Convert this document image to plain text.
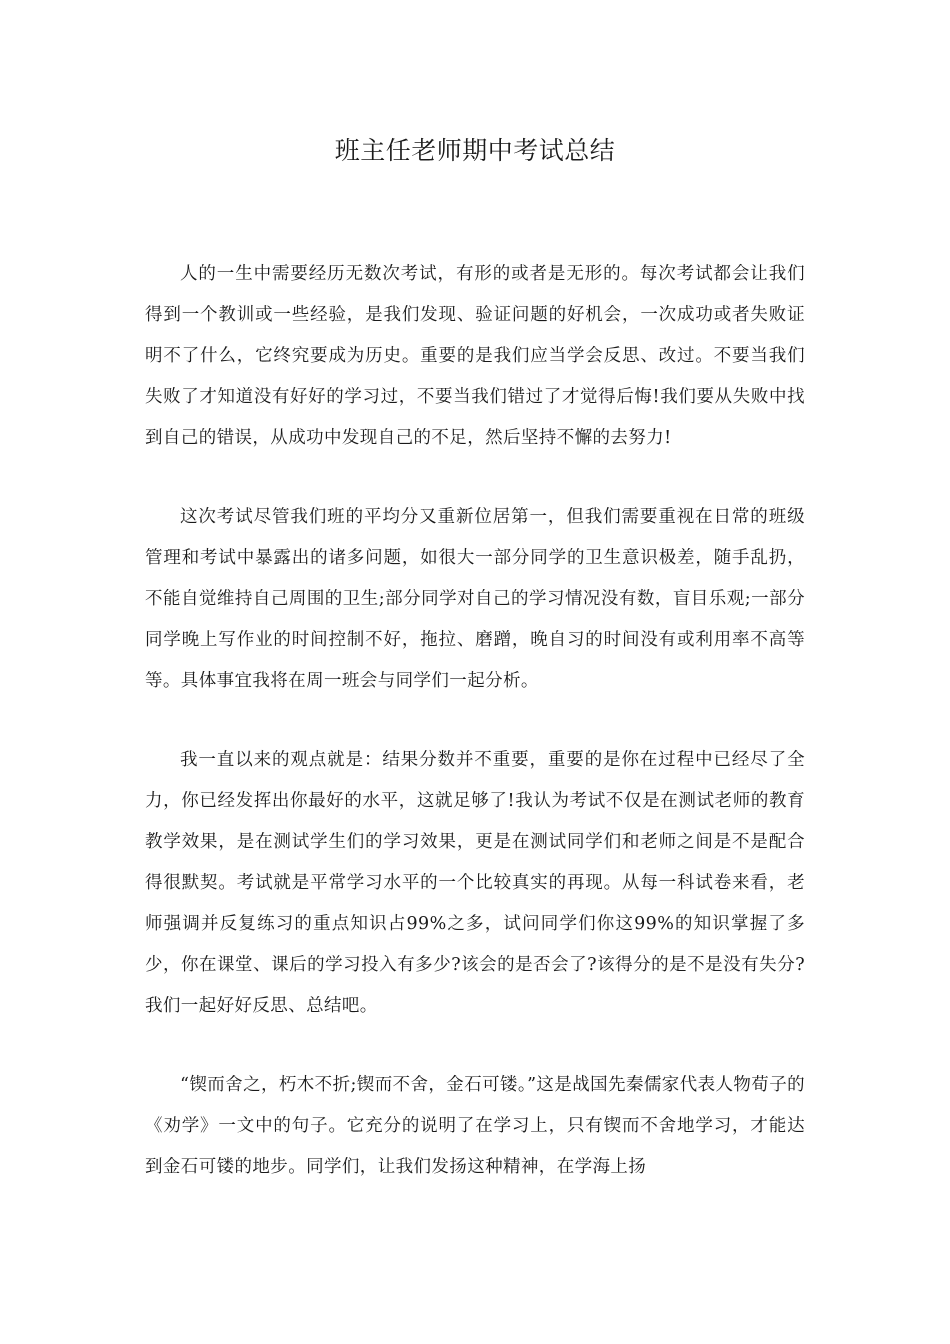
班主任老师期中考试总结

人的一生中需要经历无数次考试，有形的或者是无形的。每次考试都会让我们得到一个教训或一些经验，是我们发现、验证问题的好机会，一次成功或者失败证明不了什么，它终究要成为历史。重要的是我们应当学会反思、改过。不要当我们失败了才知道没有好好的学习过，不要当我们错过了才觉得后悔!我们要从失败中找到自己的错误，从成功中发现自己的不足，然后坚持不懈的去努力!

这次考试尽管我们班的平均分又重新位居第一，但我们需要重视在日常的班级管理和考试中暴露出的诸多问题，如很大一部分同学的卫生意识极差，随手乱扔，不能自觉维持自己周围的卫生;部分同学对自己的学习情况没有数，盲目乐观;一部分同学晚上写作业的时间控制不好，拖拉、磨蹭，晚自习的时间没有或利用率不高等等。具体事宜我将在周一班会与同学们一起分析。

我一直以来的观点就是：结果分数并不重要，重要的是你在过程中已经尽了全力，你已经发挥出你最好的水平，这就足够了!我认为考试不仅是在测试老师的教育教学效果，是在测试学生们的学习效果，更是在测试同学们和老师之间是不是配合得很默契。考试就是平常学习水平的一个比较真实的再现。从每一科试卷来看，老师强调并反复练习的重点知识占99%之多，试问同学们你这99%的知识掌握了多少，你在课堂、课后的学习投入有多少?该会的是否会了?该得分的是不是没有失分?我们一起好好反思、总结吧。

“锲而舍之，朽木不折;锲而不舍，金石可镂。”这是战国先秦儒家代表人物荀子的《劝学》一文中的句子。它充分的说明了在学习上，只有锲而不舍地学习，才能达到金石可镂的地步。同学们，让我们发扬这种精神，在学海上扬
